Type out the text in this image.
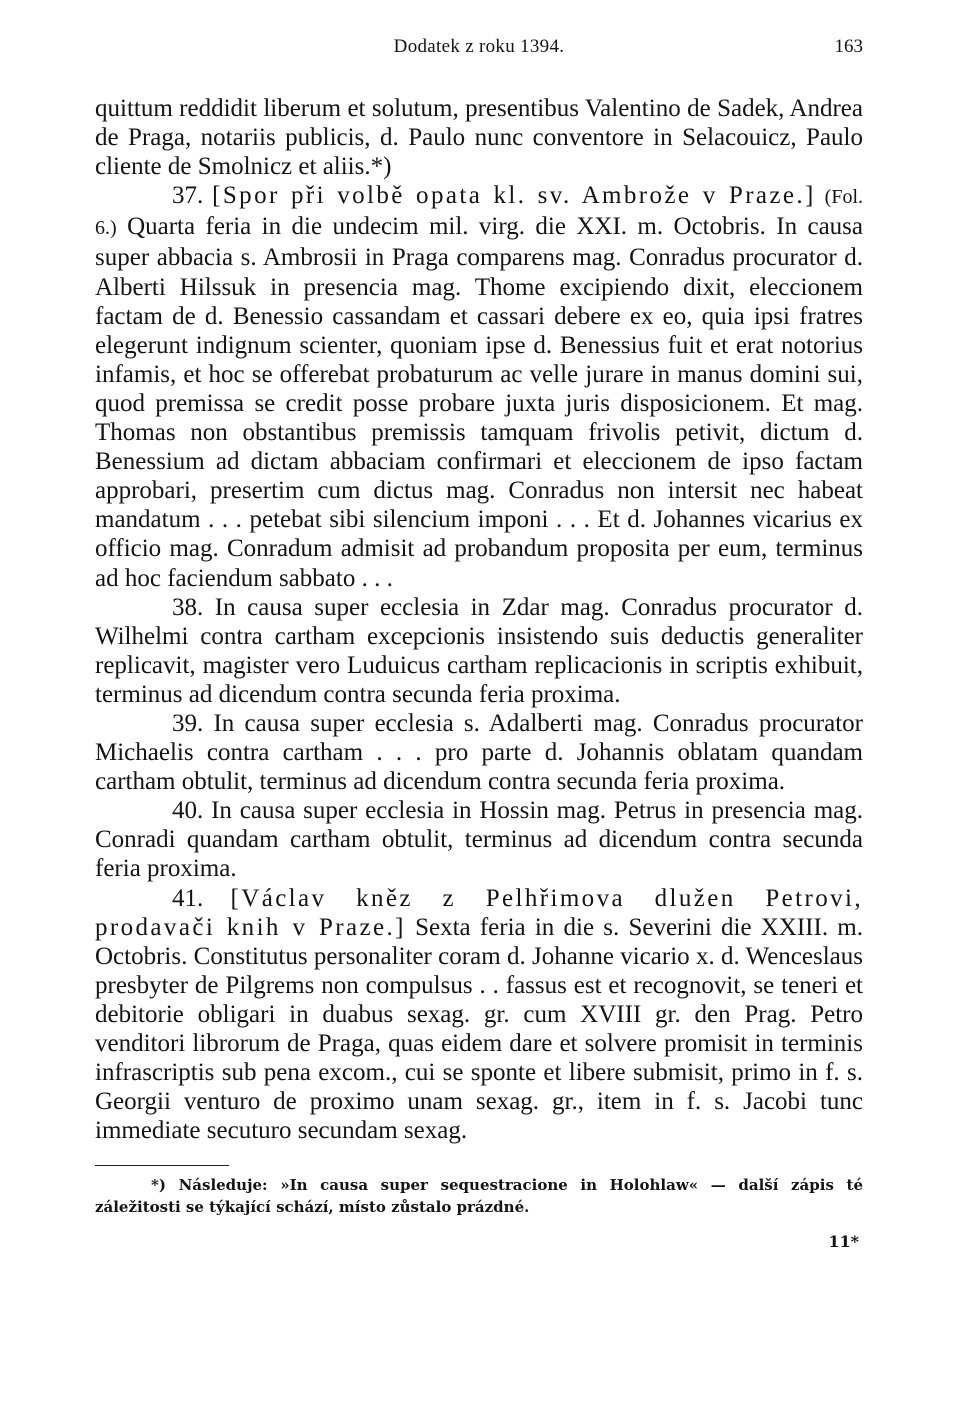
Dodatek z roku 1394.	163

quittum reddidit liberum et solutum, presentibus Valentino de Sadek, Andrea de Praga, notariis publicis, d. Paulo nunc conventore in Selacouicz, Paulo cliente de Smolnicz et aliis.*)

37. [Spor při volbě opata kl. sv. Ambrože v Praze.] (Fol. 6.) Quarta feria in die undecim mil. virg. die XXI. m. Octobris. In causa super abbacia s. Ambrosii in Praga comparens mag. Conradus procurator d. Alberti Hilssuk in presencia mag. Thome excipiendo dixit, eleccionem factam de d. Benessio cassandam et cassari debere ex eo, quia ipsi fratres elegerunt indignum scienter, quoniam ipse d. Benessius fuit et erat notorius infamis, et hoc se offerebat probaturum ac velle jurare in manus domini sui, quod premissa se credit posse probare juxta juris disposicionem. Et mag. Thomas non obstantibus premissis tamquam frivolis petivit, dictum d. Benessium ad dictam abbaciam confirmari et eleccionem de ipso factam approbari, presertim cum dictus mag. Conradus non intersit nec habeat mandatum . . . petebat sibi silencium imponi . . . Et d. Johannes vicarius ex officio mag. Conradum admisit ad probandum proposita per eum, terminus ad hoc faciendum sabbato . . .

38. In causa super ecclesia in Zdar mag. Conradus procurator d. Wilhelmi contra cartham excepcionis insistendo suis deductis generaliter replicavit, magister vero Luduicus cartham replicacionis in scriptis exhibuit, terminus ad dicendum contra secunda feria proxima.

39. In causa super ecclesia s. Adalberti mag. Conradus procurator Michaelis contra cartham . . . pro parte d. Johannis oblatam quandam cartham obtulit, terminus ad dicendum contra secunda feria proxima.

40. In causa super ecclesia in Hossin mag. Petrus in presencia mag. Conradi quandam cartham obtulit, terminus ad dicendum contra secunda feria proxima.

41. [Václav kněz z Pelhřimova dlužen Petrovi, prodavači knih v Praze.] Sexta feria in die s. Severini die XXIII. m. Octobris. Constitutus personaliter coram d. Johanne vicario x. d. Wenceslaus presbyter de Pilgrems non compulsus . . fassus est et recognovit, se teneri et debitorie obligari in duabus sexag. gr. cum XVIII gr. den Prag. Petro venditori librorum de Praga, quas eidem dare et solvere promisit in terminis infrascriptis sub pena excom., cui se sponte et libere submisit, primo in f. s. Georgii venturo de proximo unam sexag. gr., item in f. s. Jacobi tunc immediate secuturo secundam sexag.

*) Následuje: »In causa super sequestracione in Holohlaw« — další zápis té záležitosti se týkající schází, místo zůstalo prázdné.
11*
